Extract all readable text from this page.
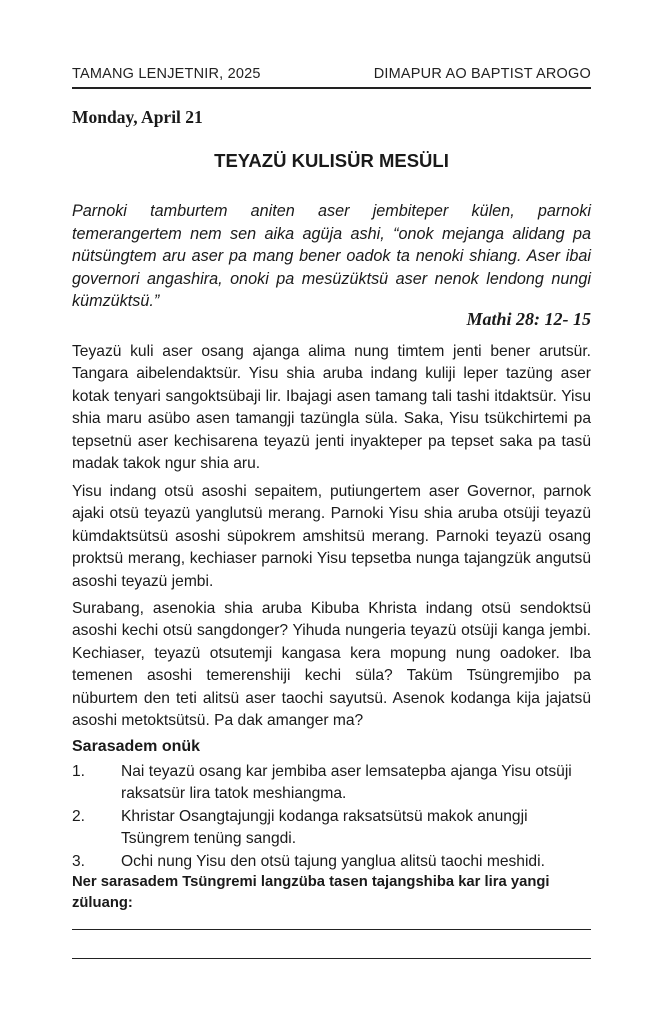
TAMANG LENJETNIR, 2025	DIMAPUR AO BAPTIST AROGO
Monday, April 21
TEYAZÜ KULISÜR MESÜLI
Parnoki tamburtem aniten aser jembiteper külen, parnoki temerangertem nem sen aika agüja ashi, “onok mejanga alidang pa nütsüngtem aru aser pa mang bener oadok ta nenoki shiang. Aser ibai governori angashira, onoki pa mesüzüktsü aser nenok lendong nungi kümzüktsü.”
Mathi 28: 12- 15

Teyazü kuli aser osang ajanga alima nung timtem jenti bener arutsür. Tangara aibelendaktsür. Yisu shia aruba indang kuliji leper tazüng aser kotak tenyari sangoktsübaji lir. Ibajagi asen tamang tali tashi itdaktsür. Yisu shia maru asübo asen tamangji tazüngla süla. Saka, Yisu tsükchirtemi pa tepsetnü aser kechisarena teyazü jenti inyakteper pa tepset saka pa tasü madak takok ngur shia aru.

Yisu indang otsü asoshi sepaitem, putiungertem aser Governor, parnok ajaki otsü teyazü yanglutsü merang. Parnoki Yisu shia aruba otsüji teyazü kümdaktsütsü asoshi süpokrem amshitsü merang. Parnoki teyazü osang proktsü merang, kechiaser parnoki Yisu tepsetba nunga tajangzük angutsü asoshi teyazü jembi.

Surabang, asenokia shia aruba Kibuba Khrista indang otsü sendoktsü asoshi kechi otsü sangdonger? Yihuda nungeria teyazü otsüji kanga jembi. Kechiaser, teyazü otsutemji kangasa kera mopung nung oadoker. Iba temenen asoshi temerenshiji kechi süla? Taküm Tsüngremjibo pa nüburtem den teti alitsü aser taochi sayutsü. Asenok kodanga kija jajatsü asoshi metoktsütsü. Pa dak amanger ma?

Sarasadem onük
1.	Nai teyazü osang kar jembiba aser lemsatepba ajanga Yisu otsüji raksatsür lira tatok meshiangma.
2.	Khristar Osangtajungji kodanga raksatsütsü makok anungji Tsüngrem tenüng sangdi.
3.	Ochi nung Yisu den otsü tajung yanglua alitsü taochi meshidi.
Ner sarasadem Tsüngremi langzüba tasen tajangshiba kar lira yangi züluang:
